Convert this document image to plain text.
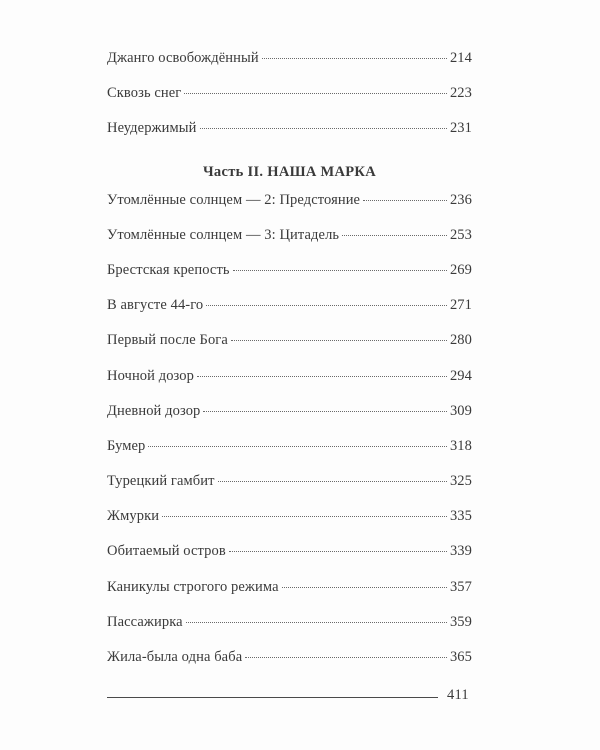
Джанго освобождённый	214
Сквозь снег	223
Неудержимый	231
Часть II. НАША МАРКА
Утомлённые солнцем — 2: Предстояние	236
Утомлённые солнцем — 3: Цитадель	253
Брестская крепость	269
В августе 44-го	271
Первый после Бога	280
Ночной дозор	294
Дневной дозор	309
Бумер	318
Турецкий гамбит	325
Жмурки	335
Обитаемый остров	339
Каникулы строгого режима	357
Пассажирка	359
Жила-была одна баба	365
411
